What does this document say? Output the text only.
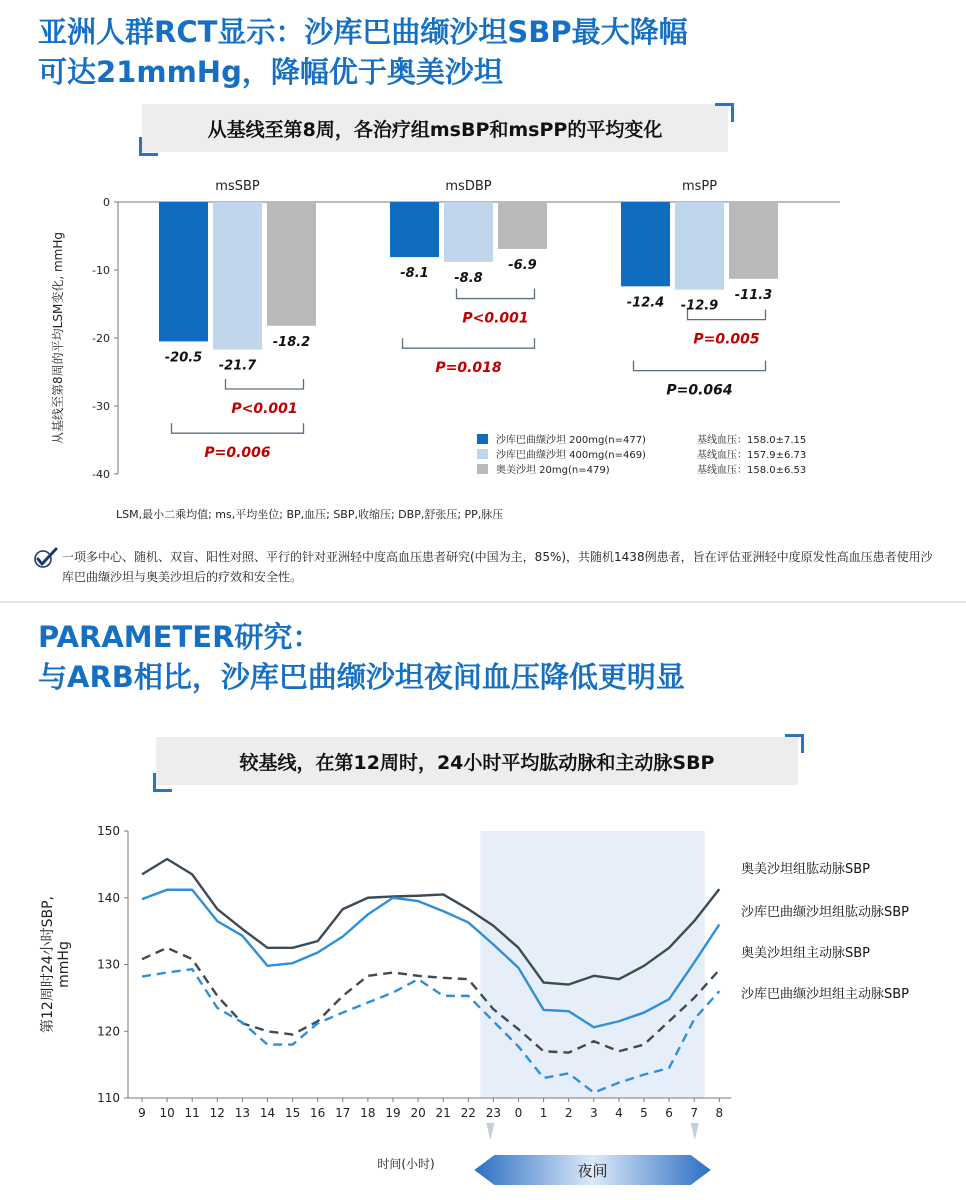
亚洲人群RCT显示：沙库巴曲缬沙坦SBP最大降幅
可达21mmHg，降幅优于奥美沙坦
从基线至第8周，各治疗组msBP和msPP的平均变化
0
-10
-20
-30
-40
从基线至第8周的平均LSM变化, mmHg
msSBP
-20.5
-21.7
-18.2
msDBP
-8.1 -8.8
-6.9
msPP
-12.4 -12.9
-11.3
P<0.001
P=0.006
P<0.001
P=0.018
P=0.005
P=0.064
沙库巴曲缬沙坦 200mg(n=477)	基线血压：158.0±7.15
沙库巴曲缬沙坦 400mg(n=469)	基线血压：157.9±6.73
奥美沙坦 20mg(n=479)	基线血压：158.0±6.53
LSM,最小二乘均值; ms,平均坐位; BP,血压; SBP,收缩压; DBP,舒张压; PP,脉压
一项多中心、随机、双盲、阳性对照、平行的针对亚洲轻中度高血压患者研究(中国为主，85%)，共随机1438例患者，旨在评估亚洲轻中度原发性高血压患者使用沙库巴曲缬沙坦与奥美沙坦后的疗效和安全性。
PARAMETER研究：
与ARB相比，沙库巴曲缬沙坦夜间血压降低更明显
较基线，在第12周时，24小时平均肱动脉和主动脉SBP
110
120
130
140
150
9 10 11 12 13 14 15 16 17 18 19 20 21 22 23 0 1 2 3 4 5 6 7 8
第12周时24小时SBP, mmHg
时间(小时)	夜间
奥美沙坦组肱动脉SBP
沙库巴曲缬沙坦组肱动脉SBP
奥美沙坦组主动脉SBP
沙库巴曲缬沙坦组主动脉SBP
